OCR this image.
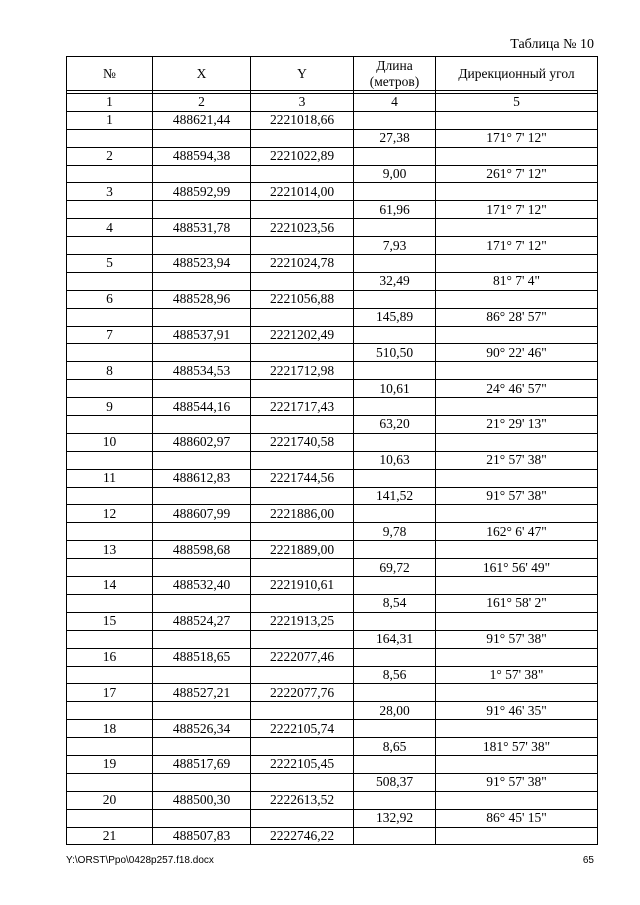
Таблица № 10
№	X	Y	Длина (метров)	Дирекционный угол

1	2	3	4	5
1	488621,44	2221018,66		
			27,38	171° 7' 12"
2	488594,38	2221022,89		
			9,00	261° 7' 12"
3	488592,99	2221014,00		
			61,96	171° 7' 12"
4	488531,78	2221023,56		
			7,93	171° 7' 12"
5	488523,94	2221024,78		
			32,49	81° 7' 4"
6	488528,96	2221056,88		
			145,89	86° 28' 57"
7	488537,91	2221202,49		
			510,50	90° 22' 46"
8	488534,53	2221712,98		
			10,61	24° 46' 57"
9	488544,16	2221717,43		
			63,20	21° 29' 13"
10	488602,97	2221740,58		
			10,63	21° 57' 38"
11	488612,83	2221744,56		
			141,52	91° 57' 38"
12	488607,99	2221886,00		
			9,78	162° 6' 47"
13	488598,68	2221889,00		
			69,72	161° 56' 49"
14	488532,40	2221910,61		
			8,54	161° 58' 2"
15	488524,27	2221913,25		
			164,31	91° 57' 38"
16	488518,65	2222077,46		
			8,56	1° 57' 38"
17	488527,21	2222077,76		
			28,00	91° 46' 35"
18	488526,34	2222105,74		
			8,65	181° 57' 38"
19	488517,69	2222105,45		
			508,37	91° 57' 38"
20	488500,30	2222613,52		
			132,92	86° 45' 15"
21	488507,83	2222746,22		
Y:\ORST\Ppo\0428p257.f18.docx	65
